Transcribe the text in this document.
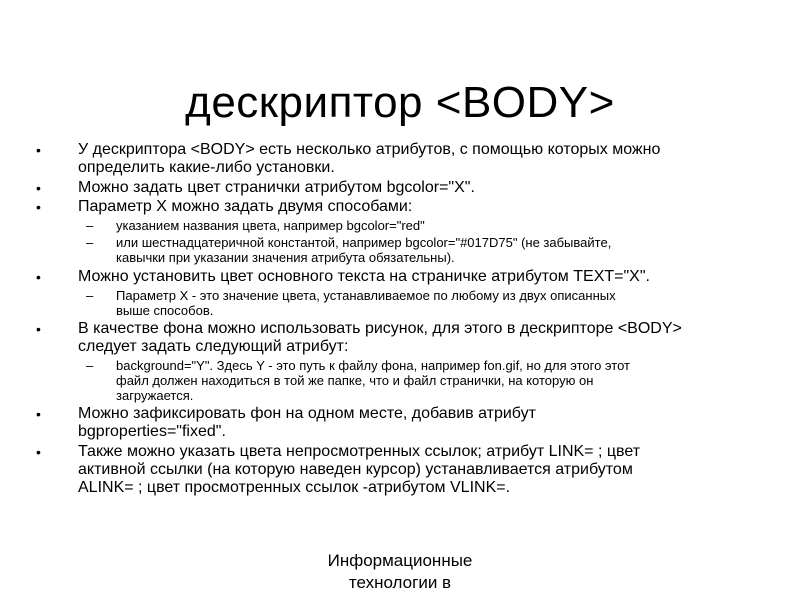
дескриптор <BODY>
•	У дескриптора <BODY> есть несколько атрибутов, с помощью которых можно
определить какие-либо установки.
•	Можно задать цвет странички атрибутом bgcolor="X".
•	Параметр X можно задать двумя способами:
–	указанием названия цвета, например bgcolor="red"
–	или шестнадцатеричной константой, например bgcolor="#017D75" (не забывайте,
кавычки при указании значения атрибута обязательны).
•	Можно установить цвет основного текста на страничке атрибутом TEXT="X".
–	Параметр X - это значение цвета, устанавливаемое по любому из двух описанных
выше способов.
•	В качестве фона можно использовать рисунок, для этого в дескрипторе <BODY>
следует задать следующий атрибут:
–	background="Y". Здесь Y - это путь к файлу фона, например fon.gif, но для этого этот
файл должен находиться в той же папке, что и файл странички, на которую он
загружается.
•	Можно зафиксировать фон на одном месте, добавив атрибут
bgproperties="fixed".
•	Также можно указать цвета непросмотренных ссылок; атрибут LINK= ; цвет
активной ссылки (на которую наведен курсор) устанавливается атрибутом
ALINK= ; цвет просмотренных ссылок -атрибутом VLINK=.
Информационные
технологии в
